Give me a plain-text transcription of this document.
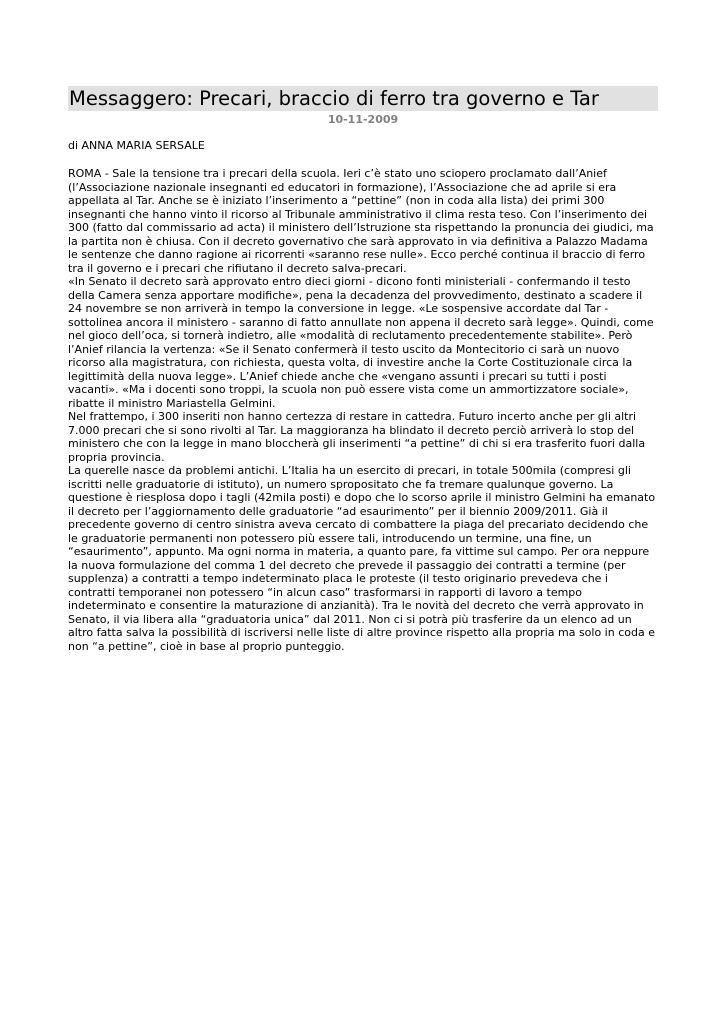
Messaggero: Precari, braccio di ferro tra governo e Tar
10-11-2009
di ANNA MARIA SERSALE

ROMA - Sale la tensione tra i precari della scuola. Ieri c’è stato uno sciopero proclamato dall’Anief (l’Associazione nazionale insegnanti ed educatori in formazione), l’Associazione che ad aprile si era appellata al Tar. Anche se è iniziato l’inserimento a “pettine” (non in coda alla lista) dei primi 300 insegnanti che hanno vinto il ricorso al Tribunale amministrativo il clima resta teso. Con l’inserimento dei 300 (fatto dal commissario ad acta) il ministero dell’Istruzione sta rispettando la pronuncia dei giudici, ma la partita non è chiusa. Con il decreto governativo che sarà approvato in via definitiva a Palazzo Madama le sentenze che danno ragione ai ricorrenti «saranno rese nulle». Ecco perché continua il braccio di ferro tra il governo e i precari che rifiutano il decreto salva-precari.

«In Senato il decreto sarà approvato entro dieci giorni - dicono fonti ministeriali - confermando il testo della Camera senza apportare modifiche», pena la decadenza del provvedimento, destinato a scadere il 24 novembre se non arriverà in tempo la conversione in legge. «Le sospensive accordate dal Tar - sottolinea ancora il ministero - saranno di fatto annullate non appena il decreto sarà legge». Quindi, come nel gioco dell’oca, si tornerà indietro, alle «modalità di reclutamento precedentemente stabilite». Però l’Anief rilancia la vertenza: «Se il Senato confermerà il testo uscito da Montecitorio ci sarà un nuovo ricorso alla magistratura, con richiesta, questa volta, di investire anche la Corte Costituzionale circa la legittimità della nuova legge». L’Anief chiede anche che «vengano assunti i precari su tutti i posti vacanti». «Ma i docenti sono troppi, la scuola non può essere vista come un ammortizzatore sociale», ribatte il ministro Mariastella Gelmini.

Nel frattempo, i 300 inseriti non hanno certezza di restare in cattedra. Futuro incerto anche per gli altri 7.000 precari che si sono rivolti al Tar. La maggioranza ha blindato il decreto perciò arriverà lo stop del ministero che con la legge in mano bloccherà gli inserimenti “a pettine” di chi si era trasferito fuori dalla propria provincia.

La querelle nasce da problemi antichi. L’Italia ha un esercito di precari, in totale 500mila (compresi gli iscritti nelle graduatorie di istituto), un numero spropositato che fa tremare qualunque governo. La questione è riesplosa dopo i tagli (42mila posti) e dopo che lo scorso aprile il ministro Gelmini ha emanato il decreto per l’aggiornamento delle graduatorie “ad esaurimento” per il biennio 2009/2011. Già il precedente governo di centro sinistra aveva cercato di combattere la piaga del precariato decidendo che le graduatorie permanenti non potessero più essere tali, introducendo un termine, una fine, un “esaurimento”, appunto. Ma ogni norma in materia, a quanto pare, fa vittime sul campo. Per ora neppure la nuova formulazione del comma 1 del decreto che prevede il passaggio dei contratti a termine (per supplenza) a contratti a tempo indeterminato placa le proteste (il testo originario prevedeva che i contratti temporanei non potessero “in alcun caso” trasformarsi in rapporti di lavoro a tempo indeterminato e consentire la maturazione di anzianità). Tra le novità del decreto che verrà approvato in Senato, il via libera alla “graduatoria unica” dal 2011. Non ci si potrà più trasferire da un elenco ad un altro fatta salva la possibilità di iscriversi nelle liste di altre province rispetto alla propria ma solo in coda e non “a pettine”, cioè in base al proprio punteggio.
